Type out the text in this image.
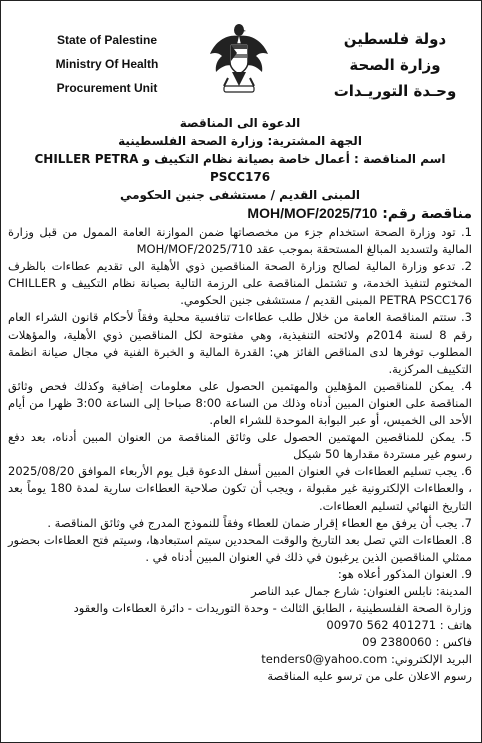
State of Palestine
Ministry Of Health
Procurement Unit
دولة فلسطين
وزارة الصحة
وحـدة التوريـدات
الدعوة الى المناقصة
الجهة المشترية: وزارة الصحة الفلسطينية
اسم المناقصة : أعمال خاصة بصيانة نظام التكييف و CHILLER PETRA PSCC176
المبنى القديم / مستشفى جنين الحكومي
مناقصة رقم: MOH/MOF/2025/710

1. تود وزارة الصحة استخدام جزء من مخصصاتها ضمن الموازنة العامة الممول من قبل وزارة المالية ولتسديد المبالغ المستحقة بموجب عقد MOH/MOF/2025/710

2. تدعو وزارة المالية لصالح وزارة الصحة المناقصين ذوي الأهلية الى تقديم عطاءات بالظرف المختوم لتنفيذ الخدمة، و تشتمل المناقصة على الرزمة التالية بصيانة نظام التكييف و CHILLER PETRA PSCC176 المبنى القديم / مستشفى جنين الحكومي.

3. ستتم المناقصة العامة من خلال طلب عطاءات تنافسية محلية وفقاً لأحكام قانون الشراء العام رقم 8 لسنة 2014م ولائحته التنفيذية، وهي مفتوحة لكل المناقصين ذوي الأهلية، والمؤهلات المطلوب توفرها لدى المناقص الفائز هي: القدرة المالية و الخبرة الفنية في مجال صيانة انظمة التكييف المركزية.

4. يمكن للمناقصين المؤهلين والمهتمين الحصول على معلومات إضافية وكذلك فحص وثائق المناقصة على العنوان المبين أدناه وذلك من الساعة 8:00 صباحا إلى الساعة 3:00 ظهرا من أيام الأحد الى الخميس، أو عبر البوابة الموحدة للشراء العام.

5. يمكن للمناقصين المهتمين الحصول على وثائق المناقصة من العنوان المبين أدناه، بعد دفع رسوم غير مستردة مقدارها 50 شيكل

6. يجب تسليم العطاءات في العنوان المبين أسفل الدعوة قبل يوم الأربعاء الموافق 2025/08/20 ، والعطاءات الإلكترونية غير مقبولة ، ويجب أن تكون صلاحية العطاءات سارية لمدة 180 يوماً بعد التاريخ النهائي لتسليم العطاءات.

7. يجب أن يرفق مع العطاء إقرار ضمان للعطاء وفقاً للنموذج المدرج في وثائق المناقصة .

8. العطاءات التي تصل بعد التاريخ والوقت المحددين سيتم استبعادها، وسيتم فتح العطاءات بحضور ممثلي المناقصين الذين يرغبون في ذلك في العنوان المبين أدناه في .

9. العنوان المذكور أعلاه هو:

المدينة: نابلس العنوان: شارع جمال عبد الناصر
وزارة الصحة الفلسطينية ، الطابق الثالث - وحدة التوريدات - دائرة العطاءات والعقود
هاتف : 00970 562 401271
فاكس : 09 2380060
البريد الإلكتروني: tenders0@yahoo.com
رسوم الاعلان على من ترسو عليه المناقصة
